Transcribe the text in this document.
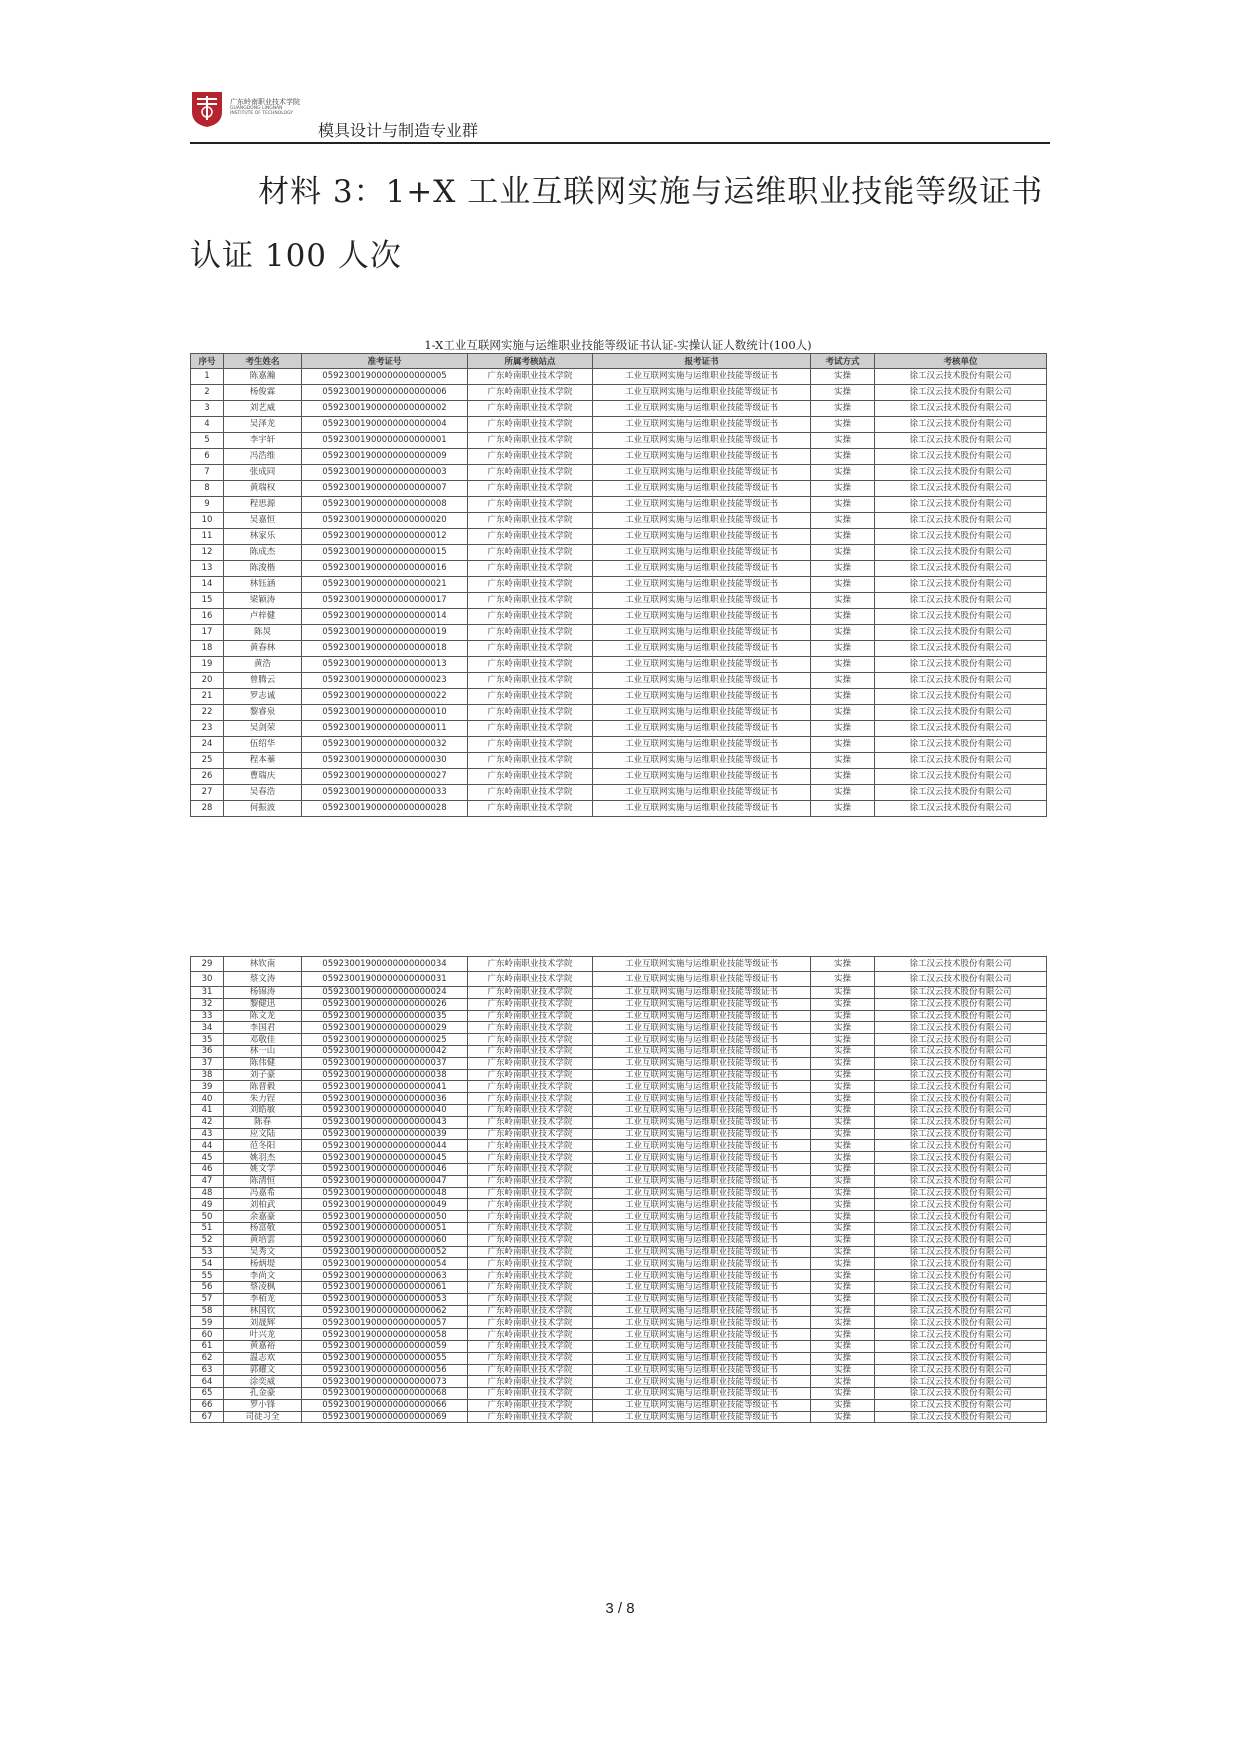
广东岭南职业技术学院
GUANGDONG LINGNAN
INSTITUTE OF TECHNOLOGY
模具设计与制造专业群
材料 3：1+X 工业互联网实施与运维职业技能等级证书认证 100 人次
1-X工业互联网实施与运维职业技能等级证书认证-实操认证人数统计(100人)
序号	考生姓名	准考证号	所属考核站点	报考证书	考试方式	考核单位
1	陈嘉瀚	05923001900000000000005	广东岭南职业技术学院	工业互联网实施与运维职业技能等级证书	实操	徐工汉云技术股份有限公司
2	杨俊霖	05923001900000000000006	广东岭南职业技术学院	工业互联网实施与运维职业技能等级证书	实操	徐工汉云技术股份有限公司
3	刘艺威	05923001900000000000002	广东岭南职业技术学院	工业互联网实施与运维职业技能等级证书	实操	徐工汉云技术股份有限公司
4	吴泽龙	05923001900000000000004	广东岭南职业技术学院	工业互联网实施与运维职业技能等级证书	实操	徐工汉云技术股份有限公司
5	李宇轩	05923001900000000000001	广东岭南职业技术学院	工业互联网实施与运维职业技能等级证书	实操	徐工汉云技术股份有限公司
6	冯浩维	05923001900000000000009	广东岭南职业技术学院	工业互联网实施与运维职业技能等级证书	实操	徐工汉云技术股份有限公司
7	张成同	05923001900000000000003	广东岭南职业技术学院	工业互联网实施与运维职业技能等级证书	实操	徐工汉云技术股份有限公司
8	黄瑞权	05923001900000000000007	广东岭南职业技术学院	工业互联网实施与运维职业技能等级证书	实操	徐工汉云技术股份有限公司
9	程思源	05923001900000000000008	广东岭南职业技术学院	工业互联网实施与运维职业技能等级证书	实操	徐工汉云技术股份有限公司
10	吴嘉恒	05923001900000000000020	广东岭南职业技术学院	工业互联网实施与运维职业技能等级证书	实操	徐工汉云技术股份有限公司
11	林家乐	05923001900000000000012	广东岭南职业技术学院	工业互联网实施与运维职业技能等级证书	实操	徐工汉云技术股份有限公司
12	陈成杰	05923001900000000000015	广东岭南职业技术学院	工业互联网实施与运维职业技能等级证书	实操	徐工汉云技术股份有限公司
13	陈浚楷	05923001900000000000016	广东岭南职业技术学院	工业互联网实施与运维职业技能等级证书	实操	徐工汉云技术股份有限公司
14	林钰涵	05923001900000000000021	广东岭南职业技术学院	工业互联网实施与运维职业技能等级证书	实操	徐工汉云技术股份有限公司
15	梁颖涛	05923001900000000000017	广东岭南职业技术学院	工业互联网实施与运维职业技能等级证书	实操	徐工汉云技术股份有限公司
16	卢梓健	05923001900000000000014	广东岭南职业技术学院	工业互联网实施与运维职业技能等级证书	实操	徐工汉云技术股份有限公司
17	陈炅	05923001900000000000019	广东岭南职业技术学院	工业互联网实施与运维职业技能等级证书	实操	徐工汉云技术股份有限公司
18	黄春林	05923001900000000000018	广东岭南职业技术学院	工业互联网实施与运维职业技能等级证书	实操	徐工汉云技术股份有限公司
19	黄浩	05923001900000000000013	广东岭南职业技术学院	工业互联网实施与运维职业技能等级证书	实操	徐工汉云技术股份有限公司
20	曾腾云	05923001900000000000023	广东岭南职业技术学院	工业互联网实施与运维职业技能等级证书	实操	徐工汉云技术股份有限公司
21	罗志诚	05923001900000000000022	广东岭南职业技术学院	工业互联网实施与运维职业技能等级证书	实操	徐工汉云技术股份有限公司
22	黎睿泉	05923001900000000000010	广东岭南职业技术学院	工业互联网实施与运维职业技能等级证书	实操	徐工汉云技术股份有限公司
23	吴剑荣	05923001900000000000011	广东岭南职业技术学院	工业互联网实施与运维职业技能等级证书	实操	徐工汉云技术股份有限公司
24	伍绍华	05923001900000000000032	广东岭南职业技术学院	工业互联网实施与运维职业技能等级证书	实操	徐工汉云技术股份有限公司
25	程本蓁	05923001900000000000030	广东岭南职业技术学院	工业互联网实施与运维职业技能等级证书	实操	徐工汉云技术股份有限公司
26	曹瑞庆	05923001900000000000027	广东岭南职业技术学院	工业互联网实施与运维职业技能等级证书	实操	徐工汉云技术股份有限公司
27	吴春浩	05923001900000000000033	广东岭南职业技术学院	工业互联网实施与运维职业技能等级证书	实操	徐工汉云技术股份有限公司
28	何振波	05923001900000000000028	广东岭南职业技术学院	工业互联网实施与运维职业技能等级证书	实操	徐工汉云技术股份有限公司
29	林钦南	05923001900000000000034	广东岭南职业技术学院	工业互联网实施与运维职业技能等级证书	实操	徐工汉云技术股份有限公司
30	蔡文涛	05923001900000000000031	广东岭南职业技术学院	工业互联网实施与运维职业技能等级证书	实操	徐工汉云技术股份有限公司
31	杨锦涛	05923001900000000000024	广东岭南职业技术学院	工业互联网实施与运维职业技能等级证书	实操	徐工汉云技术股份有限公司
32	黎健迅	05923001900000000000026	广东岭南职业技术学院	工业互联网实施与运维职业技能等级证书	实操	徐工汉云技术股份有限公司
33	陈文龙	05923001900000000000035	广东岭南职业技术学院	工业互联网实施与运维职业技能等级证书	实操	徐工汉云技术股份有限公司
34	李国君	05923001900000000000029	广东岭南职业技术学院	工业互联网实施与运维职业技能等级证书	实操	徐工汉云技术股份有限公司
35	邓敬佳	05923001900000000000025	广东岭南职业技术学院	工业互联网实施与运维职业技能等级证书	实操	徐工汉云技术股份有限公司
36	林一山	05923001900000000000042	广东岭南职业技术学院	工业互联网实施与运维职业技能等级证书	实操	徐工汉云技术股份有限公司
37	陈伟健	05923001900000000000037	广东岭南职业技术学院	工业互联网实施与运维职业技能等级证书	实操	徐工汉云技术股份有限公司
38	刘子豪	05923001900000000000038	广东岭南职业技术学院	工业互联网实施与运维职业技能等级证书	实操	徐工汉云技术股份有限公司
39	陈晋毅	05923001900000000000041	广东岭南职业技术学院	工业互联网实施与运维职业技能等级证书	实操	徐工汉云技术股份有限公司
40	朱力锃	05923001900000000000036	广东岭南职业技术学院	工业互联网实施与运维职业技能等级证书	实操	徐工汉云技术股份有限公司
41	刘皓敏	05923001900000000000040	广东岭南职业技术学院	工业互联网实施与运维职业技能等级证书	实操	徐工汉云技术股份有限公司
42	陈春	05923001900000000000043	广东岭南职业技术学院	工业互联网实施与运维职业技能等级证书	实操	徐工汉云技术股份有限公司
43	应文陆	05923001900000000000039	广东岭南职业技术学院	工业互联网实施与运维职业技能等级证书	实操	徐工汉云技术股份有限公司
44	范冬阳	05923001900000000000044	广东岭南职业技术学院	工业互联网实施与运维职业技能等级证书	实操	徐工汉云技术股份有限公司
45	姚羽杰	05923001900000000000045	广东岭南职业技术学院	工业互联网实施与运维职业技能等级证书	实操	徐工汉云技术股份有限公司
46	姚文学	05923001900000000000046	广东岭南职业技术学院	工业互联网实施与运维职业技能等级证书	实操	徐工汉云技术股份有限公司
47	陈清恒	05923001900000000000047	广东岭南职业技术学院	工业互联网实施与运维职业技能等级证书	实操	徐工汉云技术股份有限公司
48	冯嘉希	05923001900000000000048	广东岭南职业技术学院	工业互联网实施与运维职业技能等级证书	实操	徐工汉云技术股份有限公司
49	刘柏武	05923001900000000000049	广东岭南职业技术学院	工业互联网实施与运维职业技能等级证书	实操	徐工汉云技术股份有限公司
50	余嘉豪	05923001900000000000050	广东岭南职业技术学院	工业互联网实施与运维职业技能等级证书	实操	徐工汉云技术股份有限公司
51	杨富敬	05923001900000000000051	广东岭南职业技术学院	工业互联网实施与运维职业技能等级证书	实操	徐工汉云技术股份有限公司
52	黄培雲	05923001900000000000060	广东岭南职业技术学院	工业互联网实施与运维职业技能等级证书	实操	徐工汉云技术股份有限公司
53	吴秀文	05923001900000000000052	广东岭南职业技术学院	工业互联网实施与运维职业技能等级证书	实操	徐工汉云技术股份有限公司
54	杨炳堤	05923001900000000000054	广东岭南职业技术学院	工业互联网实施与运维职业技能等级证书	实操	徐工汉云技术股份有限公司
55	李尚文	05923001900000000000063	广东岭南职业技术学院	工业互联网实施与运维职业技能等级证书	实操	徐工汉云技术股份有限公司
56	蔡凌枫	05923001900000000000061	广东岭南职业技术学院	工业互联网实施与运维职业技能等级证书	实操	徐工汉云技术股份有限公司
57	李栢龙	05923001900000000000053	广东岭南职业技术学院	工业互联网实施与运维职业技能等级证书	实操	徐工汉云技术股份有限公司
58	林国钦	05923001900000000000062	广东岭南职业技术学院	工业互联网实施与运维职业技能等级证书	实操	徐工汉云技术股份有限公司
59	刘晟辉	05923001900000000000057	广东岭南职业技术学院	工业互联网实施与运维职业技能等级证书	实操	徐工汉云技术股份有限公司
60	叶兴龙	05923001900000000000058	广东岭南职业技术学院	工业互联网实施与运维职业技能等级证书	实操	徐工汉云技术股份有限公司
61	黄嘉裕	05923001900000000000059	广东岭南职业技术学院	工业互联网实施与运维职业技能等级证书	实操	徐工汉云技术股份有限公司
62	温志欢	05923001900000000000055	广东岭南职业技术学院	工业互联网实施与运维职业技能等级证书	实操	徐工汉云技术股份有限公司
63	郭耀文	05923001900000000000056	广东岭南职业技术学院	工业互联网实施与运维职业技能等级证书	实操	徐工汉云技术股份有限公司
64	涂奕威	05923001900000000000073	广东岭南职业技术学院	工业互联网实施与运维职业技能等级证书	实操	徐工汉云技术股份有限公司
65	孔金豪	05923001900000000000068	广东岭南职业技术学院	工业互联网实施与运维职业技能等级证书	实操	徐工汉云技术股份有限公司
66	罗小锋	05923001900000000000066	广东岭南职业技术学院	工业互联网实施与运维职业技能等级证书	实操	徐工汉云技术股份有限公司
67	司徒习全	05923001900000000000069	广东岭南职业技术学院	工业互联网实施与运维职业技能等级证书	实操	徐工汉云技术股份有限公司
3 / 8
